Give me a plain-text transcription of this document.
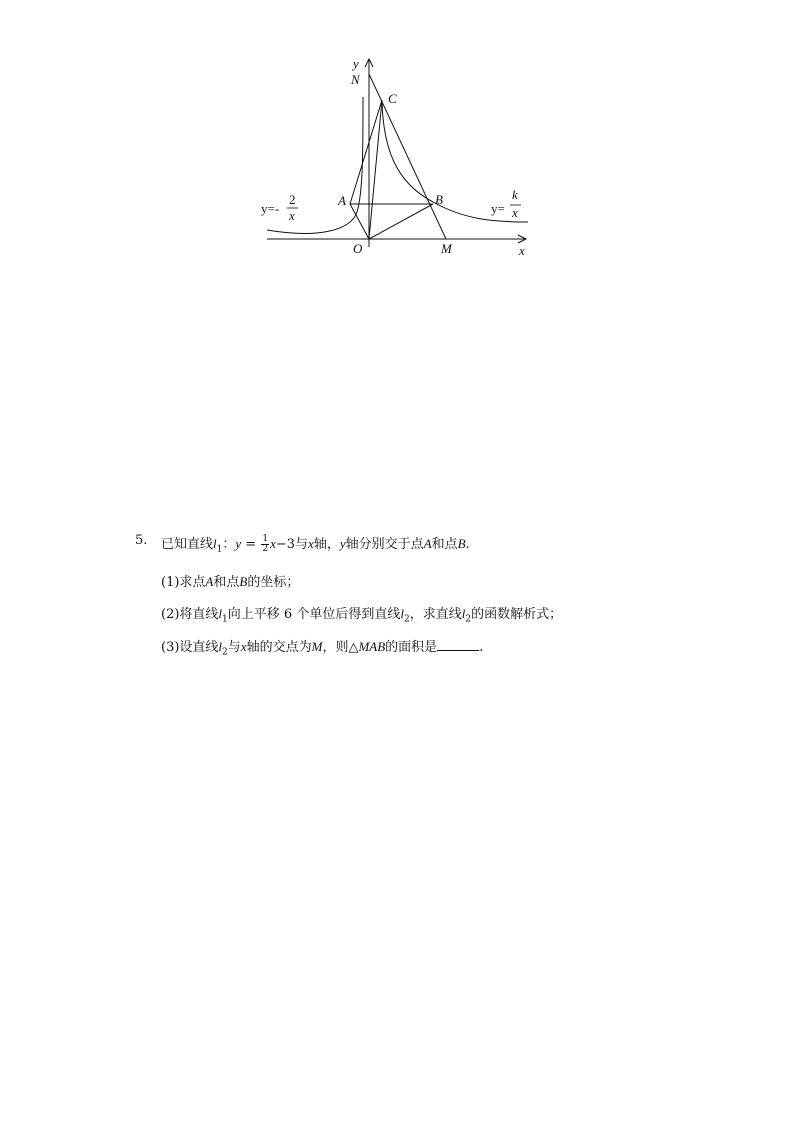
y
N
C
A	B
O	M	x
y=-
2
x	y=
k
x
5. 已知直线$l_1$：$y = \frac{1}{2} x-3$与x轴，y轴分别交于点A和点B.
(1)求点A和点B的坐标；
(2)将直线$l_1$向上平移 6 个单位后得到直线$l_2$，求直线$l_2$的函数解析式；
(3)设直线$l_2$与x轴的交点为M，则△MAB的面积是	.
